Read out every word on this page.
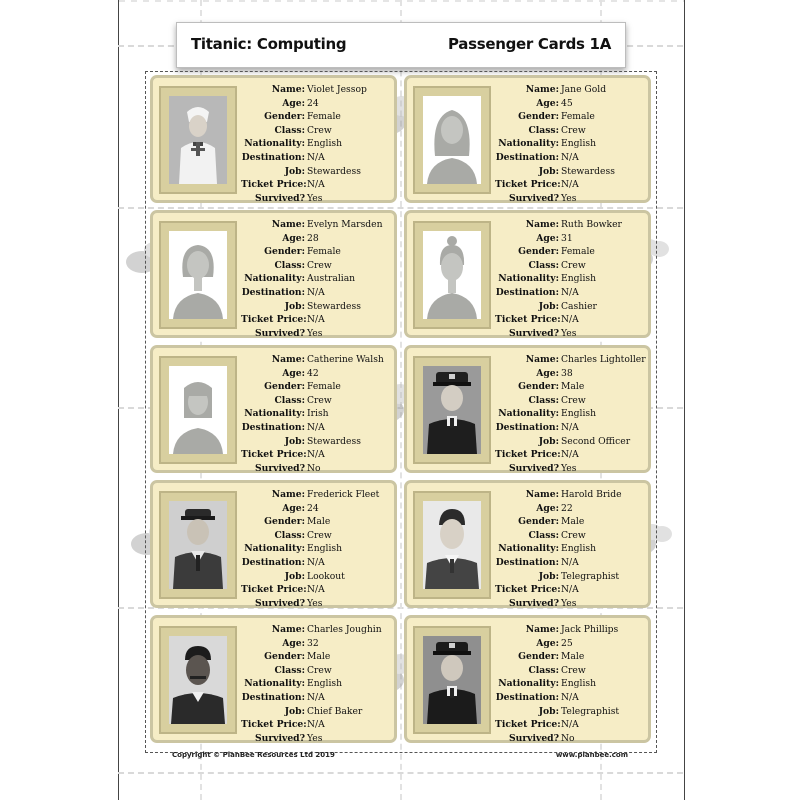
Titanic: Computing	Passenger Cards 1A
Name: Violet Jessop
Age: 24
Gender: Female
Class: Crew
Nationality: English
Destination: N/A
Job: Stewardess
Ticket Price:N/A
Survived? Yes
Name: Jane Gold
Age: 45
Gender: Female
Class: Crew
Nationality: English
Destination: N/A
Job: Stewardess
Ticket Price:N/A
Survived? Yes
Name: Evelyn Marsden
Age: 28
Gender: Female
Class: Crew
Nationality: Australian
Destination: N/A
Job: Stewardess
Ticket Price:N/A
Survived? Yes
Name: Ruth Bowker
Age: 31
Gender: Female
Class: Crew
Nationality: English
Destination: N/A
Job: Cashier
Ticket Price:N/A
Survived? Yes
Name: Catherine Walsh
Age: 42
Gender: Female
Class: Crew
Nationality: Irish
Destination: N/A
Job: Stewardess
Ticket Price:N/A
Survived? No
Name: Charles Lightoller
Age: 38
Gender: Male
Class: Crew
Nationality: English
Destination: N/A
Job: Second Officer
Ticket Price:N/A
Survived? Yes
Name: Frederick Fleet
Age: 24
Gender: Male
Class: Crew
Nationality: English
Destination: N/A
Job: Lookout
Ticket Price:N/A
Survived? Yes
Name: Harold Bride
Age: 22
Gender: Male
Class: Crew
Nationality: English
Destination: N/A
Job: Telegraphist
Ticket Price:N/A
Survived? Yes
Name: Charles Joughin
Age: 32
Gender: Male
Class: Crew
Nationality: English
Destination: N/A
Job: Chief Baker
Ticket Price:N/A
Survived? Yes
Name: Jack Phillips
Age: 25
Gender: Male
Class: Crew
Nationality: English
Destination: N/A
Job: Telegraphist
Ticket Price:N/A
Survived? No
Copyright © PlanBee Resources Ltd 2019	www.planbee.com
